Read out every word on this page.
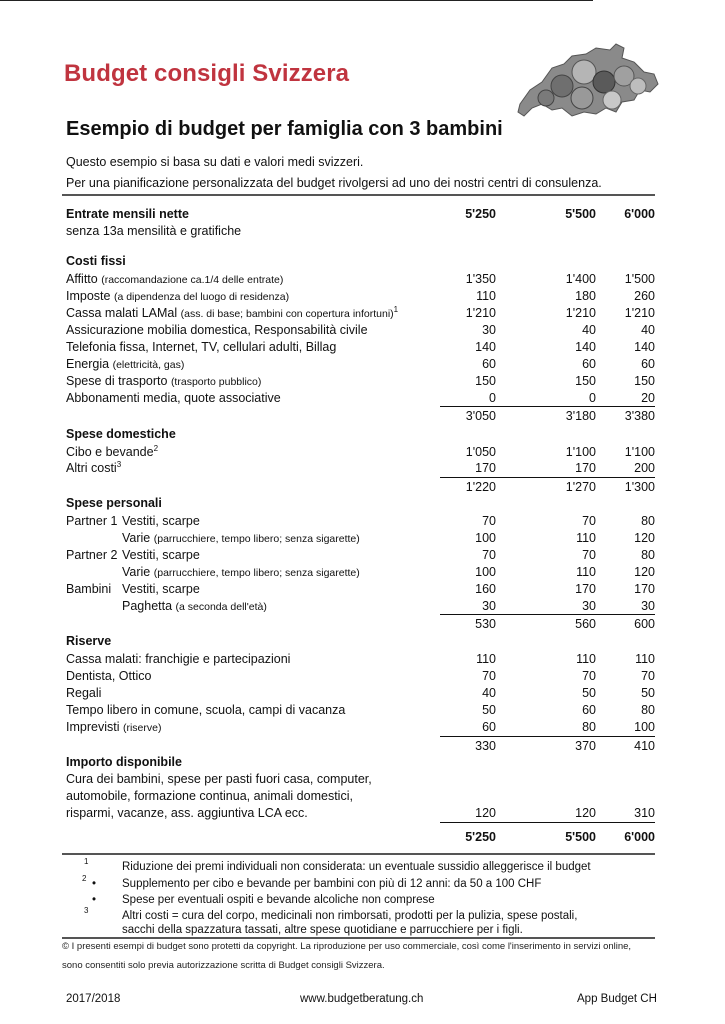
Budget consigli Svizzera
Esempio di budget per famiglia con 3 bambini
Questo esempio si basa su dati e valori medi svizzeri.
Per una pianificazione personalizzata del budget rivolgersi ad uno dei nostri centri di consulenza.
Entrate mensili nette	5'250	5'500	6'000
senza 13a mensilità e gratifiche
Costi fissi
Affitto (raccomandazione ca.1/4 delle entrate)	1'350	1'400	1'500
Imposte (a dipendenza del luogo di residenza)	110	180	260
Cassa malati LAMal (ass. di base; bambini con copertura infortuni)$^1$	1'210	1'210	1'210
Assicurazione mobilia domestica, Responsabilità civile	30	40	40
Telefonia fissa, Internet, TV, cellulari adulti, Billag	140	140	140
Energia (elettricità, gas)	60	60	60
Spese di trasporto (trasporto pubblico)	150	150	150
Abbonamenti media, quote associative	0	0	20
3'050	3'180	3'380
Spese domestiche
Cibo e bevande$^2$	1'050	1'100	1'100
Altri costi$^3$	170	170	200
1'220	1'270	1'300
Spese personali
Partner 1 Vestiti, scarpe	70	70	80
Varie (parrucchiere, tempo libero; senza sigarette)	100	110	120
Partner 2 Vestiti, scarpe	70	70	80
Varie (parrucchiere, tempo libero; senza sigarette)	100	110	120
Bambini Vestiti, scarpe	160	170	170
Paghetta (a seconda dell'età)	30	30	30
530	560	600
Riserve
Cassa malati: franchigie e partecipazioni	110	110	110
Dentista, Ottico	70	70	70
Regali	40	50	50
Tempo libero in comune, scuola, campi di vacanza	50	60	80
Imprevisti (riserve)	60	80	100
330	370	410
Importo disponibile
Cura dei bambini, spese per pasti fuori casa, computer,
automobile, formazione continua, animali domestici,
risparmi, vacanze, ass. aggiuntiva LCA ecc.	120	120	310
5'250	5'500	6'000
1	Riduzione dei premi individuali non considerata: un eventuale sussidio alleggerisce il budget
2 • Supplemento per cibo e bevande per bambini con più di 12 anni: da 50 a 100 CHF
• Spese per eventuali ospiti e bevande alcoliche non comprese
3	Altri costi = cura del corpo, medicinali non rimborsati, prodotti per la pulizia, spese postali,
sacchi della spazzatura tassati, altre spese quotidiane e parrucchiere per i figli.
© I presenti esempi di budget sono protetti da copyright. La riproduzione per uso commerciale, così come l'inserimento in servizi online,
sono consentiti solo previa autorizzazione scritta di Budget consigli Svizzera.
2017/2018	www.budgetberatung.ch	App Budget CH
